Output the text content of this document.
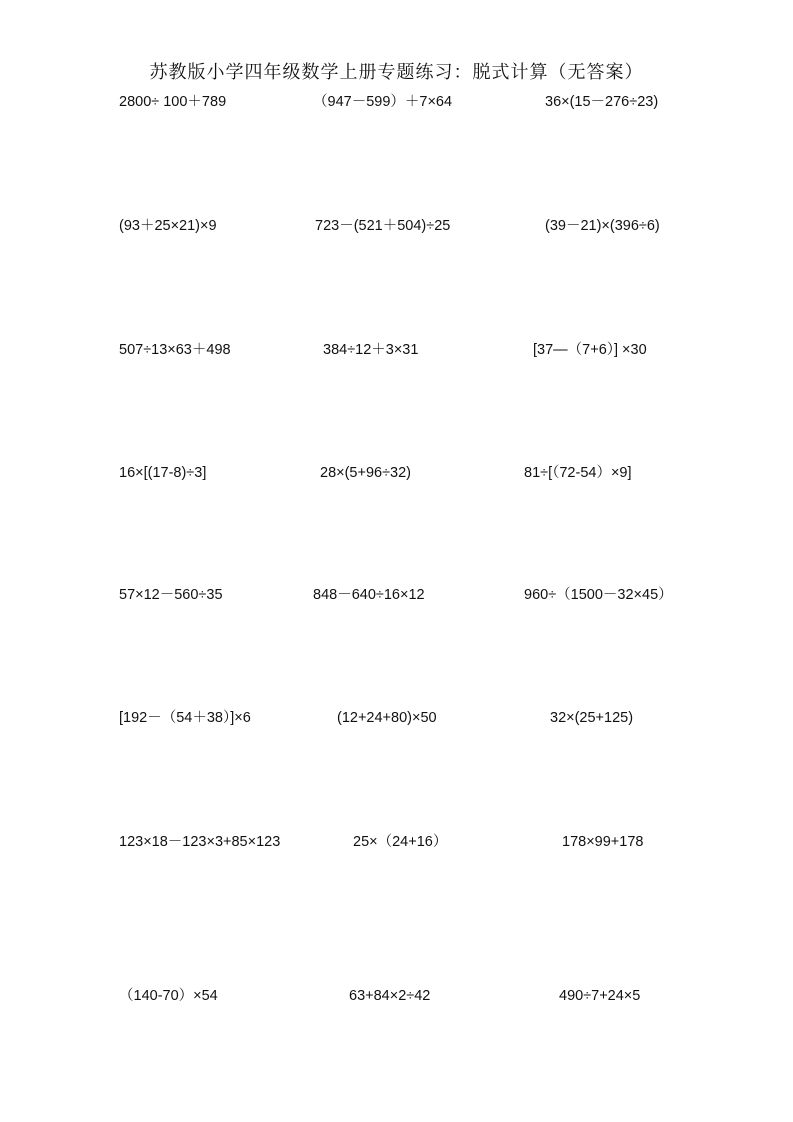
苏教版小学四年级数学上册专题练习：脱式计算（无答案）
2800÷ 100＋789	（947－599）＋7×64	36×(15－276÷23)
(93＋25×21)×9	723－(521＋504)÷25	(39－21)×(396÷6)
507÷13×63＋498	384÷12＋3×31	[37—（7+6）] ×30
16×[(17-8)÷3]	28×(5+96÷32)	81÷[（72-54）×9]
57×12－560÷35	848－640÷16×12	960÷（1500－32×45）
[192－（54＋38）]×6	(12+24+80)×50	32×(25+125)
123×18－123×3+85×123	25×（24+16）	178×99+178
（140-70）×54	63+84×2÷42	490÷7+24×5
